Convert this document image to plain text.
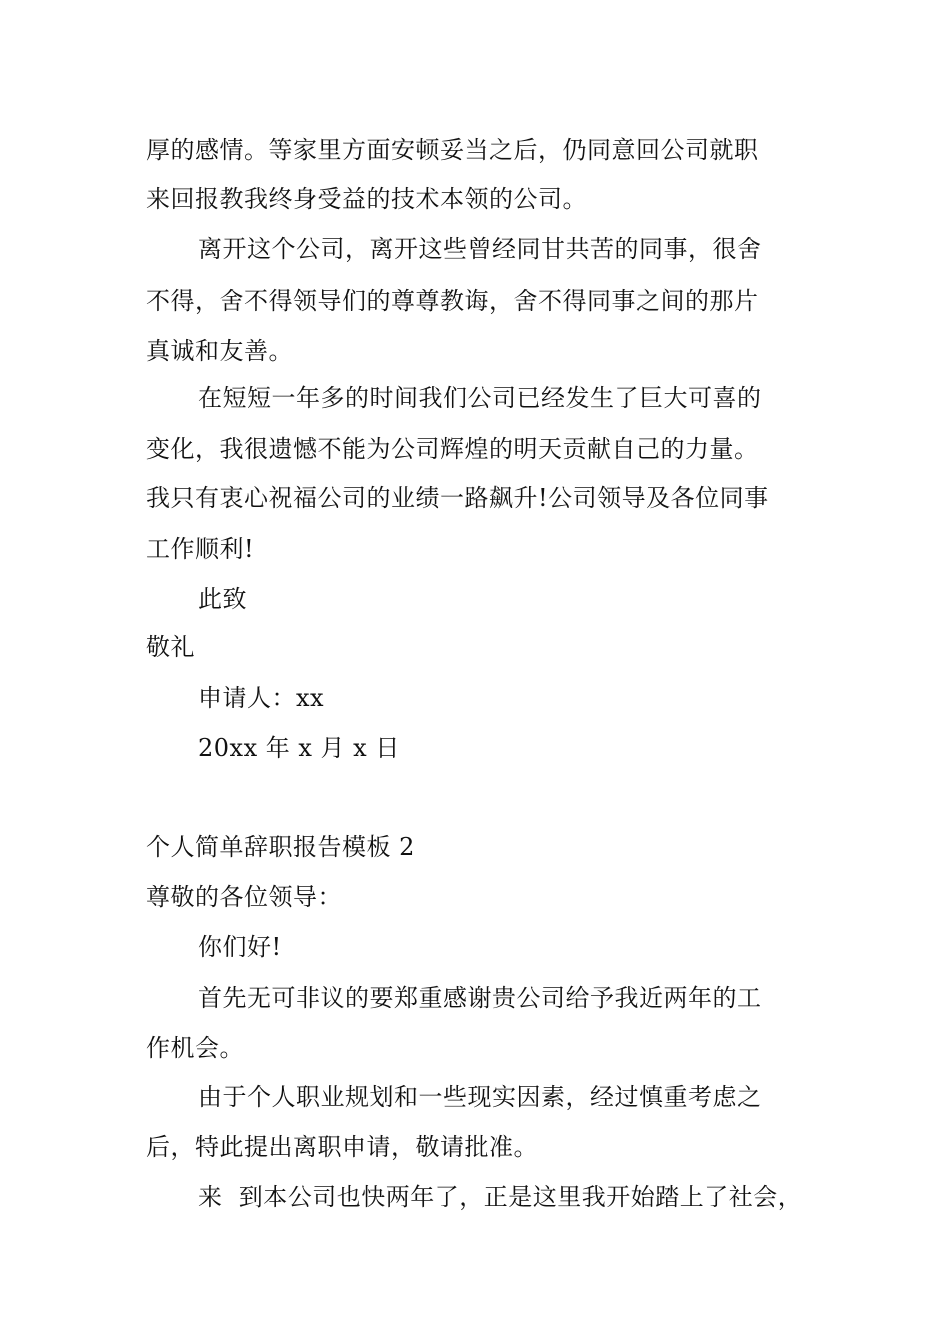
厚的感情。等家里方面安顿妥当之后，仍同意回公司就职
来回报教我终身受益的技术本领的公司。
离开这个公司，离开这些曾经同甘共苦的同事，很舍
不得，舍不得领导们的尊尊教诲，舍不得同事之间的那片
真诚和友善。
在短短一年多的时间我们公司已经发生了巨大可喜的
变化，我很遗憾不能为公司辉煌的明天贡献自己的力量。
我只有衷心祝福公司的业绩一路飙升!公司领导及各位同事
工作顺利!
此致
敬礼
申请人：xx
20xx 年 x 月 x 日
个人简单辞职报告模板 2
尊敬的各位领导：
你们好!
首先无可非议的要郑重感谢贵公司给予我近两年的工
作机会。
由于个人职业规划和一些现实因素，经过慎重考虑之
后，特此提出离职申请，敬请批准。
来  到本公司也快两年了，正是这里我开始踏上了社会，
